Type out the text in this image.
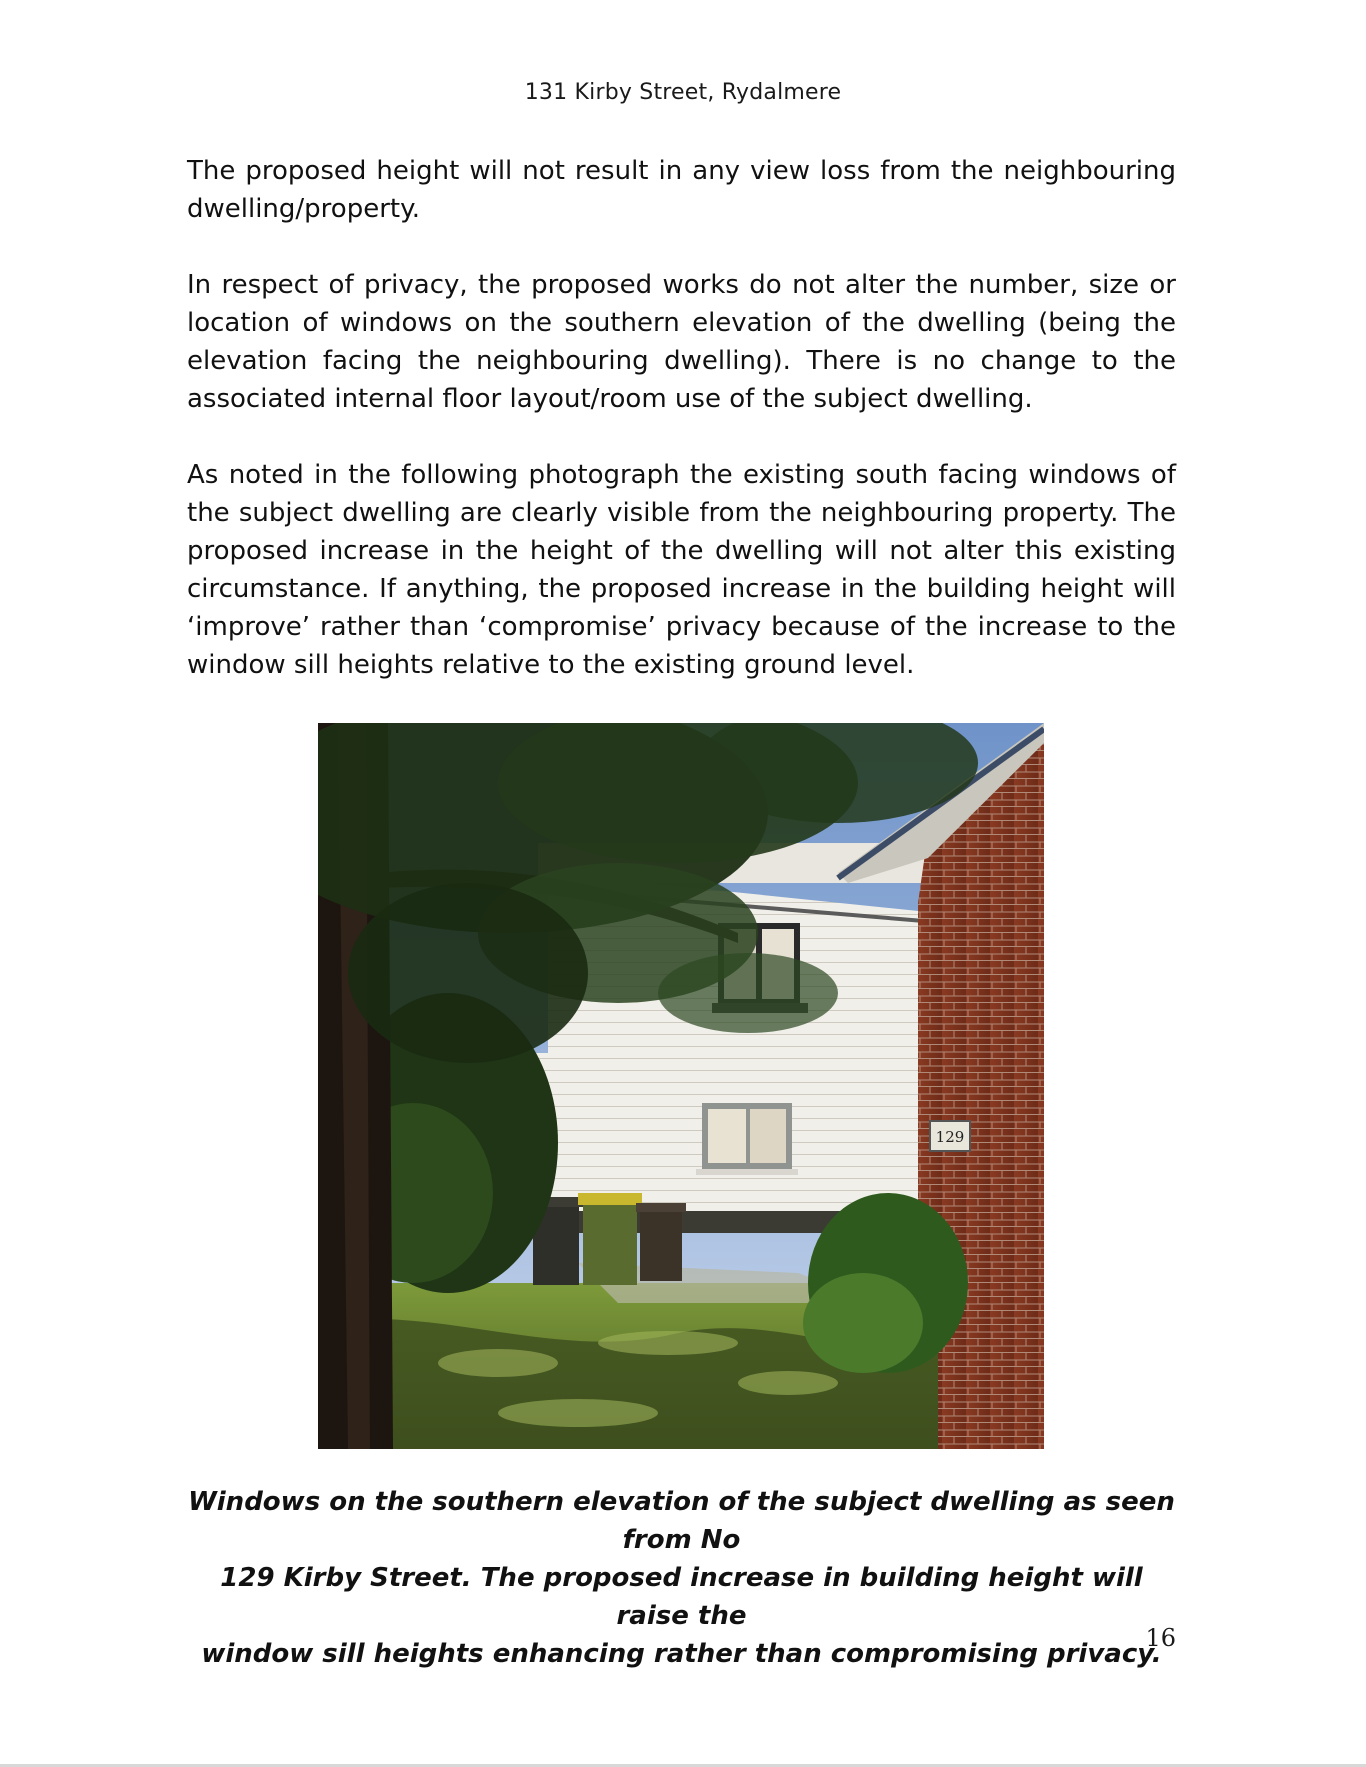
131 Kirby Street, Rydalmere

The proposed height will not result in any view loss from the neighbouring dwelling/property.

In respect of privacy, the proposed works do not alter the number, size or location of windows on the southern elevation of the dwelling (being the elevation facing the neighbouring dwelling). There is no change to the associated internal floor layout/room use of the subject dwelling.

As noted in the following photograph the existing south facing windows of the subject dwelling are clearly visible from the neighbouring property. The proposed increase in the height of the dwelling will not alter this existing circumstance. If anything, the proposed increase in the building height will ‘improve’ rather than ‘compromise’ privacy because of the increase to the window sill heights relative to the existing ground level.

129
Windows on the southern elevation of the subject dwelling as seen from No
129 Kirby Street. The proposed increase in building height will raise the
window sill heights enhancing rather than compromising privacy.
16
